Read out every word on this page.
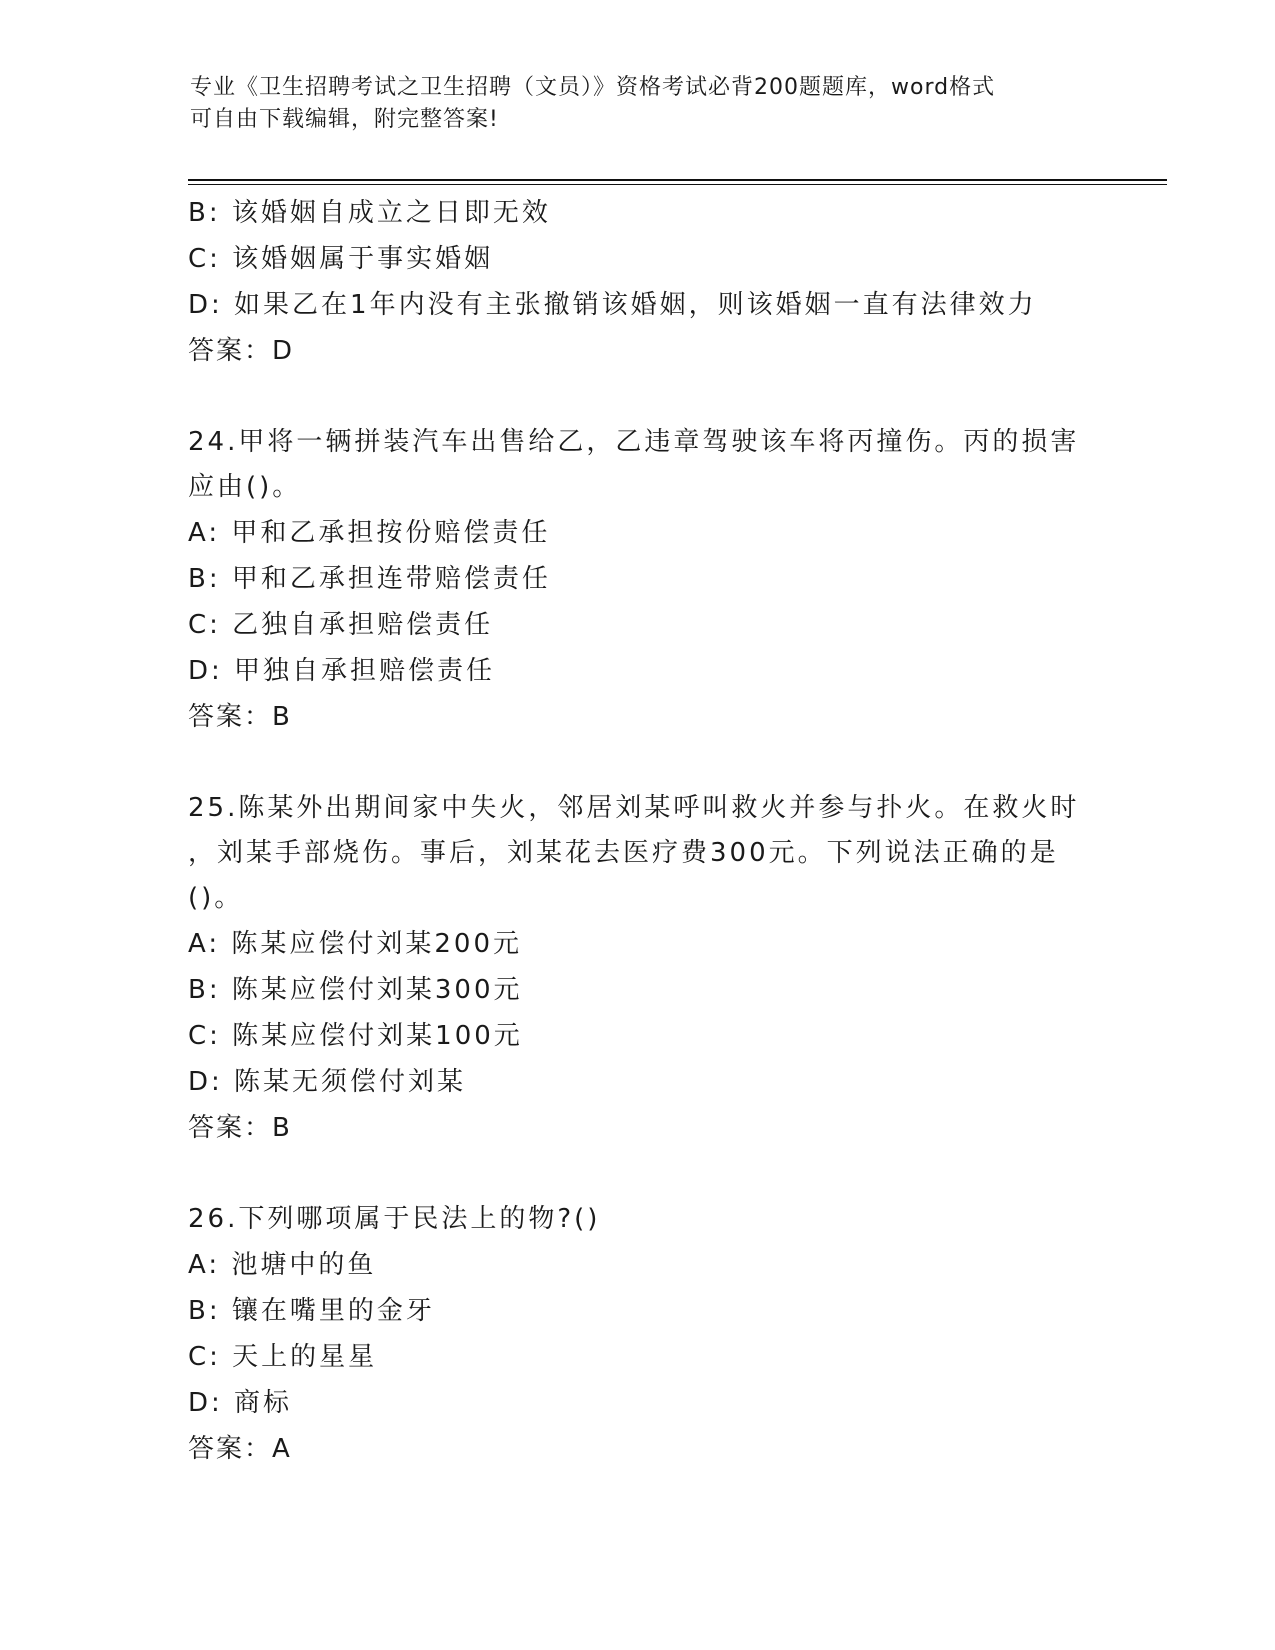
专业《卫生招聘考试之卫生招聘（文员）》资格考试必背200题题库，word格式
可自由下载编辑，附完整答案!
B: 该婚姻自成立之日即无效
C: 该婚姻属于事实婚姻
D: 如果乙在1年内没有主张撤销该婚姻，则该婚姻一直有法律效力
答案：D
24.甲将一辆拼装汽车出售给乙，乙违章驾驶该车将丙撞伤。丙的损害
应由()。
A: 甲和乙承担按份赔偿责任
B: 甲和乙承担连带赔偿责任
C: 乙独自承担赔偿责任
D: 甲独自承担赔偿责任
答案：B
25.陈某外出期间家中失火，邻居刘某呼叫救火并参与扑火。在救火时
，刘某手部烧伤。事后，刘某花去医疗费300元。下列说法正确的是
()。
A: 陈某应偿付刘某200元
B: 陈某应偿付刘某300元
C: 陈某应偿付刘某100元
D: 陈某无须偿付刘某
答案：B
26.下列哪项属于民法上的物?()
A: 池塘中的鱼
B: 镶在嘴里的金牙
C: 天上的星星
D: 商标
答案：A
